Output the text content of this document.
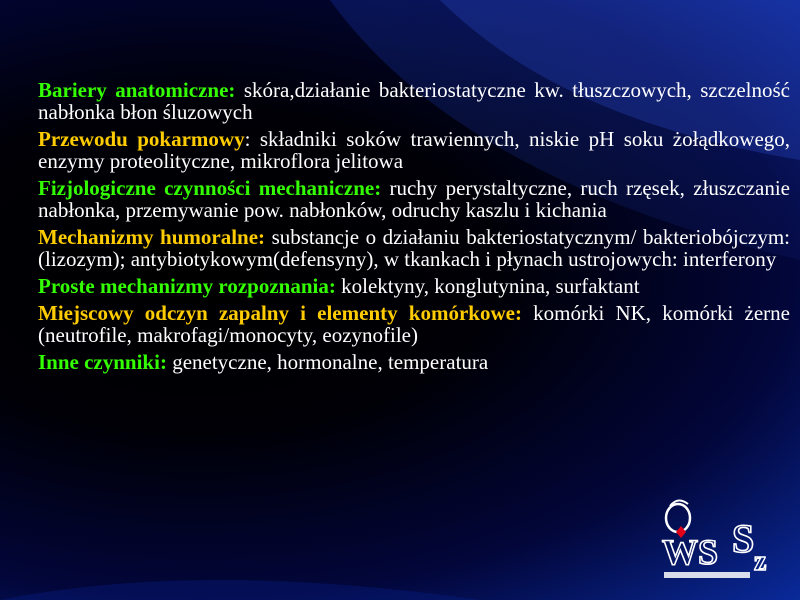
Bariery anatomiczne: skóra,działanie bakteriostatyczne kw. tłuszczowych, szczelność nabłonka błon śluzowych

Przewodu pokarmowy: składniki soków trawiennych, niskie pH soku żołądkowego, enzymy proteolityczne, mikroflora jelitowa

Fizjologiczne czynności mechaniczne: ruchy perystaltyczne, ruch rzęsek, złuszczanie nabłonka, przemywanie pow. nabłonków, odruchy kaszlu i kichania

Mechanizmy humoralne: substancje o działaniu bakteriostatycznym/ bakteriobójczym: (lizozym); antybiotykowym(defensyny), w tkankach i płynach ustrojowych: interferony

Proste mechanizmy rozpoznania: kolektyny, konglutynina, surfaktant

Miejscowy odczyn zapalny i elementy komórkowe: komórki NK, komórki żerne (neutrofile, makrofagi/monocyty, eozynofile)

Inne czynniki: genetyczne, hormonalne, temperatura

WS S
z
